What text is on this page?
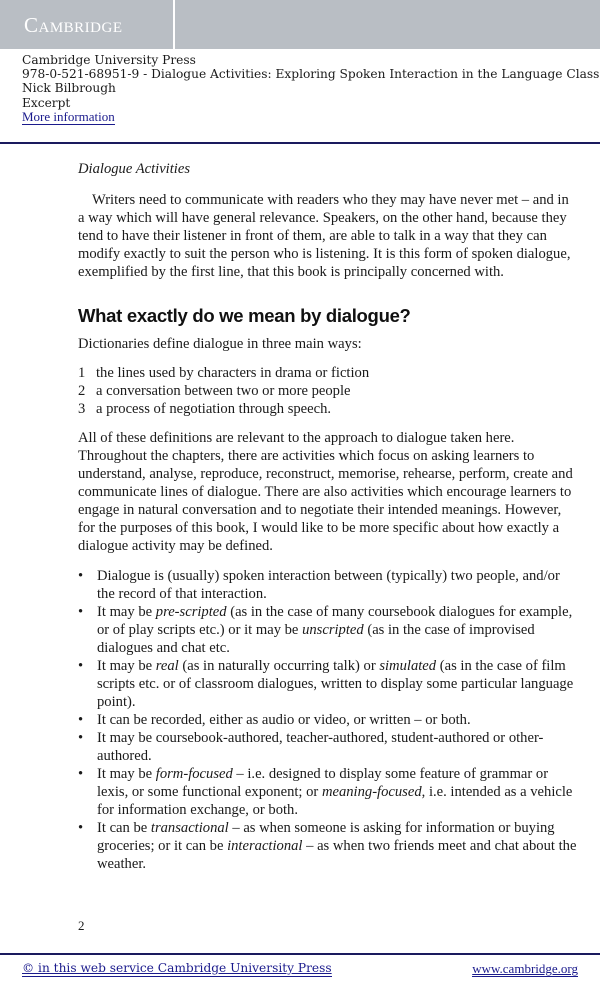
Cambridge
Cambridge University Press
978-0-521-68951-9 - Dialogue Activities: Exploring Spoken Interaction in the Language Class
Nick Bilbrough
Excerpt
More information
Dialogue Activities

Writers need to communicate with readers who they may have never met – and in a way which will have general relevance. Speakers, on the other hand, because they tend to have their listener in front of them, are able to talk in a way that they can modify exactly to suit the person who is listening. It is this form of spoken dialogue, exemplified by the first line, that this book is principally concerned with.

What exactly do we mean by dialogue?

Dictionaries define dialogue in three main ways:

1 the lines used by characters in drama or fiction
2 a conversation between two or more people
3 a process of negotiation through speech.

All of these definitions are relevant to the approach to dialogue taken here. Throughout the chapters, there are activities which focus on asking learners to understand, analyse, reproduce, reconstruct, memorise, rehearse, perform, create and communicate lines of dialogue. There are also activities which encourage learners to engage in natural conversation and to negotiate their intended meanings. However, for the purposes of this book, I would like to be more specific about how exactly a dialogue activity may be defined.

• Dialogue is (usually) spoken interaction between (typically) two people, and/or the record of that interaction.
• It may be pre-scripted (as in the case of many coursebook dialogues for example, or of play scripts etc.) or it may be unscripted (as in the case of improvised dialogues and chat etc.
• It may be real (as in naturally occurring talk) or simulated (as in the case of film scripts etc. or of classroom dialogues, written to display some particular language point).
• It can be recorded, either as audio or video, or written – or both.
• It may be coursebook-authored, teacher-authored, student-authored or other-authored.
• It may be form-focused – i.e. designed to display some feature of grammar or lexis, or some functional exponent; or meaning-focused, i.e. intended as a vehicle for information exchange, or both.
• It can be transactional – as when someone is asking for information or buying groceries; or it can be interactional – as when two friends meet and chat about the weather.
2
© in this web service Cambridge University Press	www.cambridge.org
